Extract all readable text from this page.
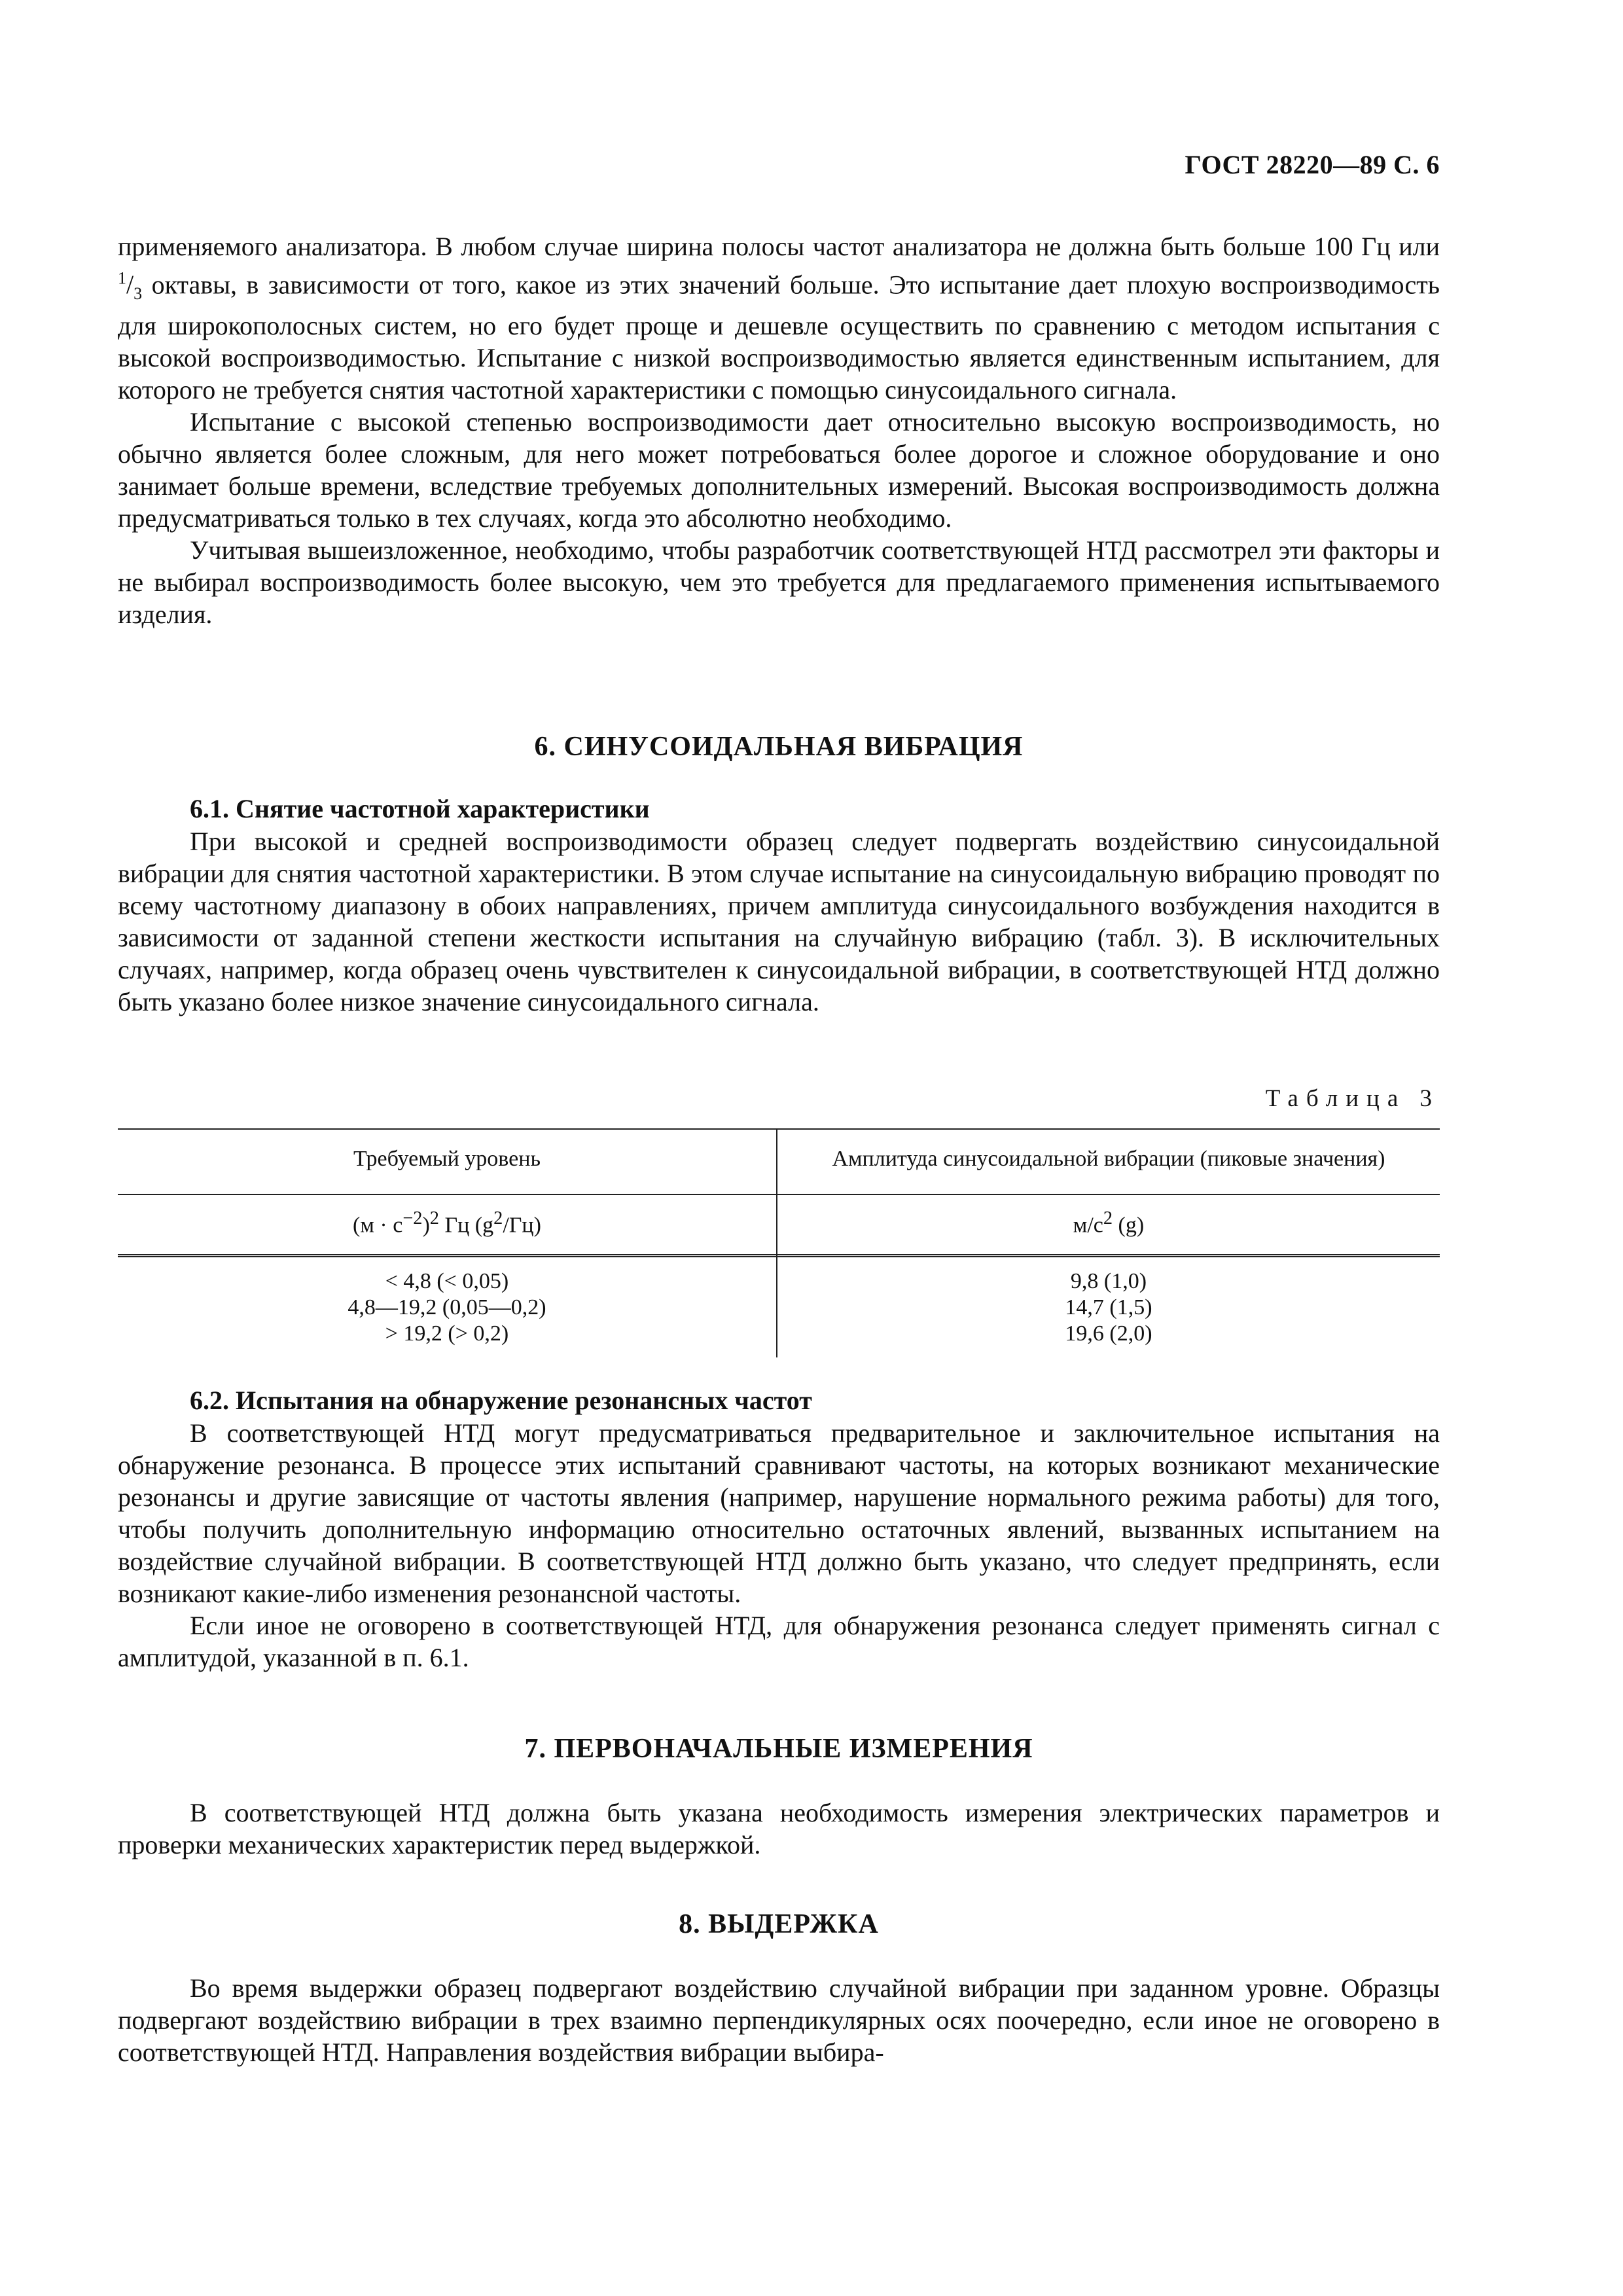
ГОСТ 28220—89 С. 6

применяемого анализатора. В любом случае ширина полосы частот анализатора не должна быть больше 100 Гц или $^1/_3$ октавы, в зависимости от того, какое из этих значений больше. Это испытание дает плохую воспроизводимость для широкополосных систем, но его будет проще и дешевле осуществить по сравнению с методом испытания с высокой воспроизводимостью. Испытание с низкой воспроизводимостью является единственным испытанием, для которого не требуется снятия частотной характеристики с помощью синусоидального сигнала.

Испытание с высокой степенью воспроизводимости дает относительно высокую воспроизводимость, но обычно является более сложным, для него может потребоваться более дорогое и сложное оборудование и оно занимает больше времени, вследствие требуемых дополнительных измерений. Высокая воспроизводимость должна предусматриваться только в тех случаях, когда это абсолютно необходимо.

Учитывая вышеизложенное, необходимо, чтобы разработчик соответствующей НТД рассмотрел эти факторы и не выбирал воспроизводимость более высокую, чем это требуется для предлагаемого применения испытываемого изделия.

6. СИНУСОИДАЛЬНАЯ ВИБРАЦИЯ
6.1. Снятие частотной характеристики

При высокой и средней воспроизводимости образец следует подвергать воздействию синусоидальной вибрации для снятия частотной характеристики. В этом случае испытание на синусоидальную вибрацию проводят по всему частотному диапазону в обоих направлениях, причем амплитуда синусоидального возбуждения находится в зависимости от заданной степени жесткости испытания на случайную вибрацию (табл. 3). В исключительных случаях, например, когда образец очень чувствителен к синусоидальной вибрации, в соответствующей НТД должно быть указано более низкое значение синусоидального сигнала.

Таблица 3
Требуемый уровень	Амплитуда синусоидальной вибрации (пиковые значения)
$(м \cdot с^{-2})^2$ Гц $(g^2/Гц)$	$м/с^2$ (g)
< 4,8 (< 0,05)
4,8—19,2 (0,05—0,2)
> 19,2 (> 0,2)
9,8 (1,0)
14,7 (1,5)
19,6 (2,0)
6.2. Испытания на обнаружение резонансных частот

В соответствующей НТД могут предусматриваться предварительное и заключительное испытания на обнаружение резонанса. В процессе этих испытаний сравнивают частоты, на которых возникают механические резонансы и другие зависящие от частоты явления (например, нарушение нормального режима работы) для того, чтобы получить дополнительную информацию относительно остаточных явлений, вызванных испытанием на воздействие случайной вибрации. В соответствующей НТД должно быть указано, что следует предпринять, если возникают какие-либо изменения резонансной частоты.

Если иное не оговорено в соответствующей НТД, для обнаружения резонанса следует применять сигнал с амплитудой, указанной в п. 6.1.

7. ПЕРВОНАЧАЛЬНЫЕ ИЗМЕРЕНИЯ

В соответствующей НТД должна быть указана необходимость измерения электрических параметров и проверки механических характеристик перед выдержкой.

8. ВЫДЕРЖКА

Во время выдержки образец подвергают воздействию случайной вибрации при заданном уровне. Образцы подвергают воздействию вибрации в трех взаимно перпендикулярных осях поочередно, если иное не оговорено в соответствующей НТД. Направления воздействия вибрации выбира-
